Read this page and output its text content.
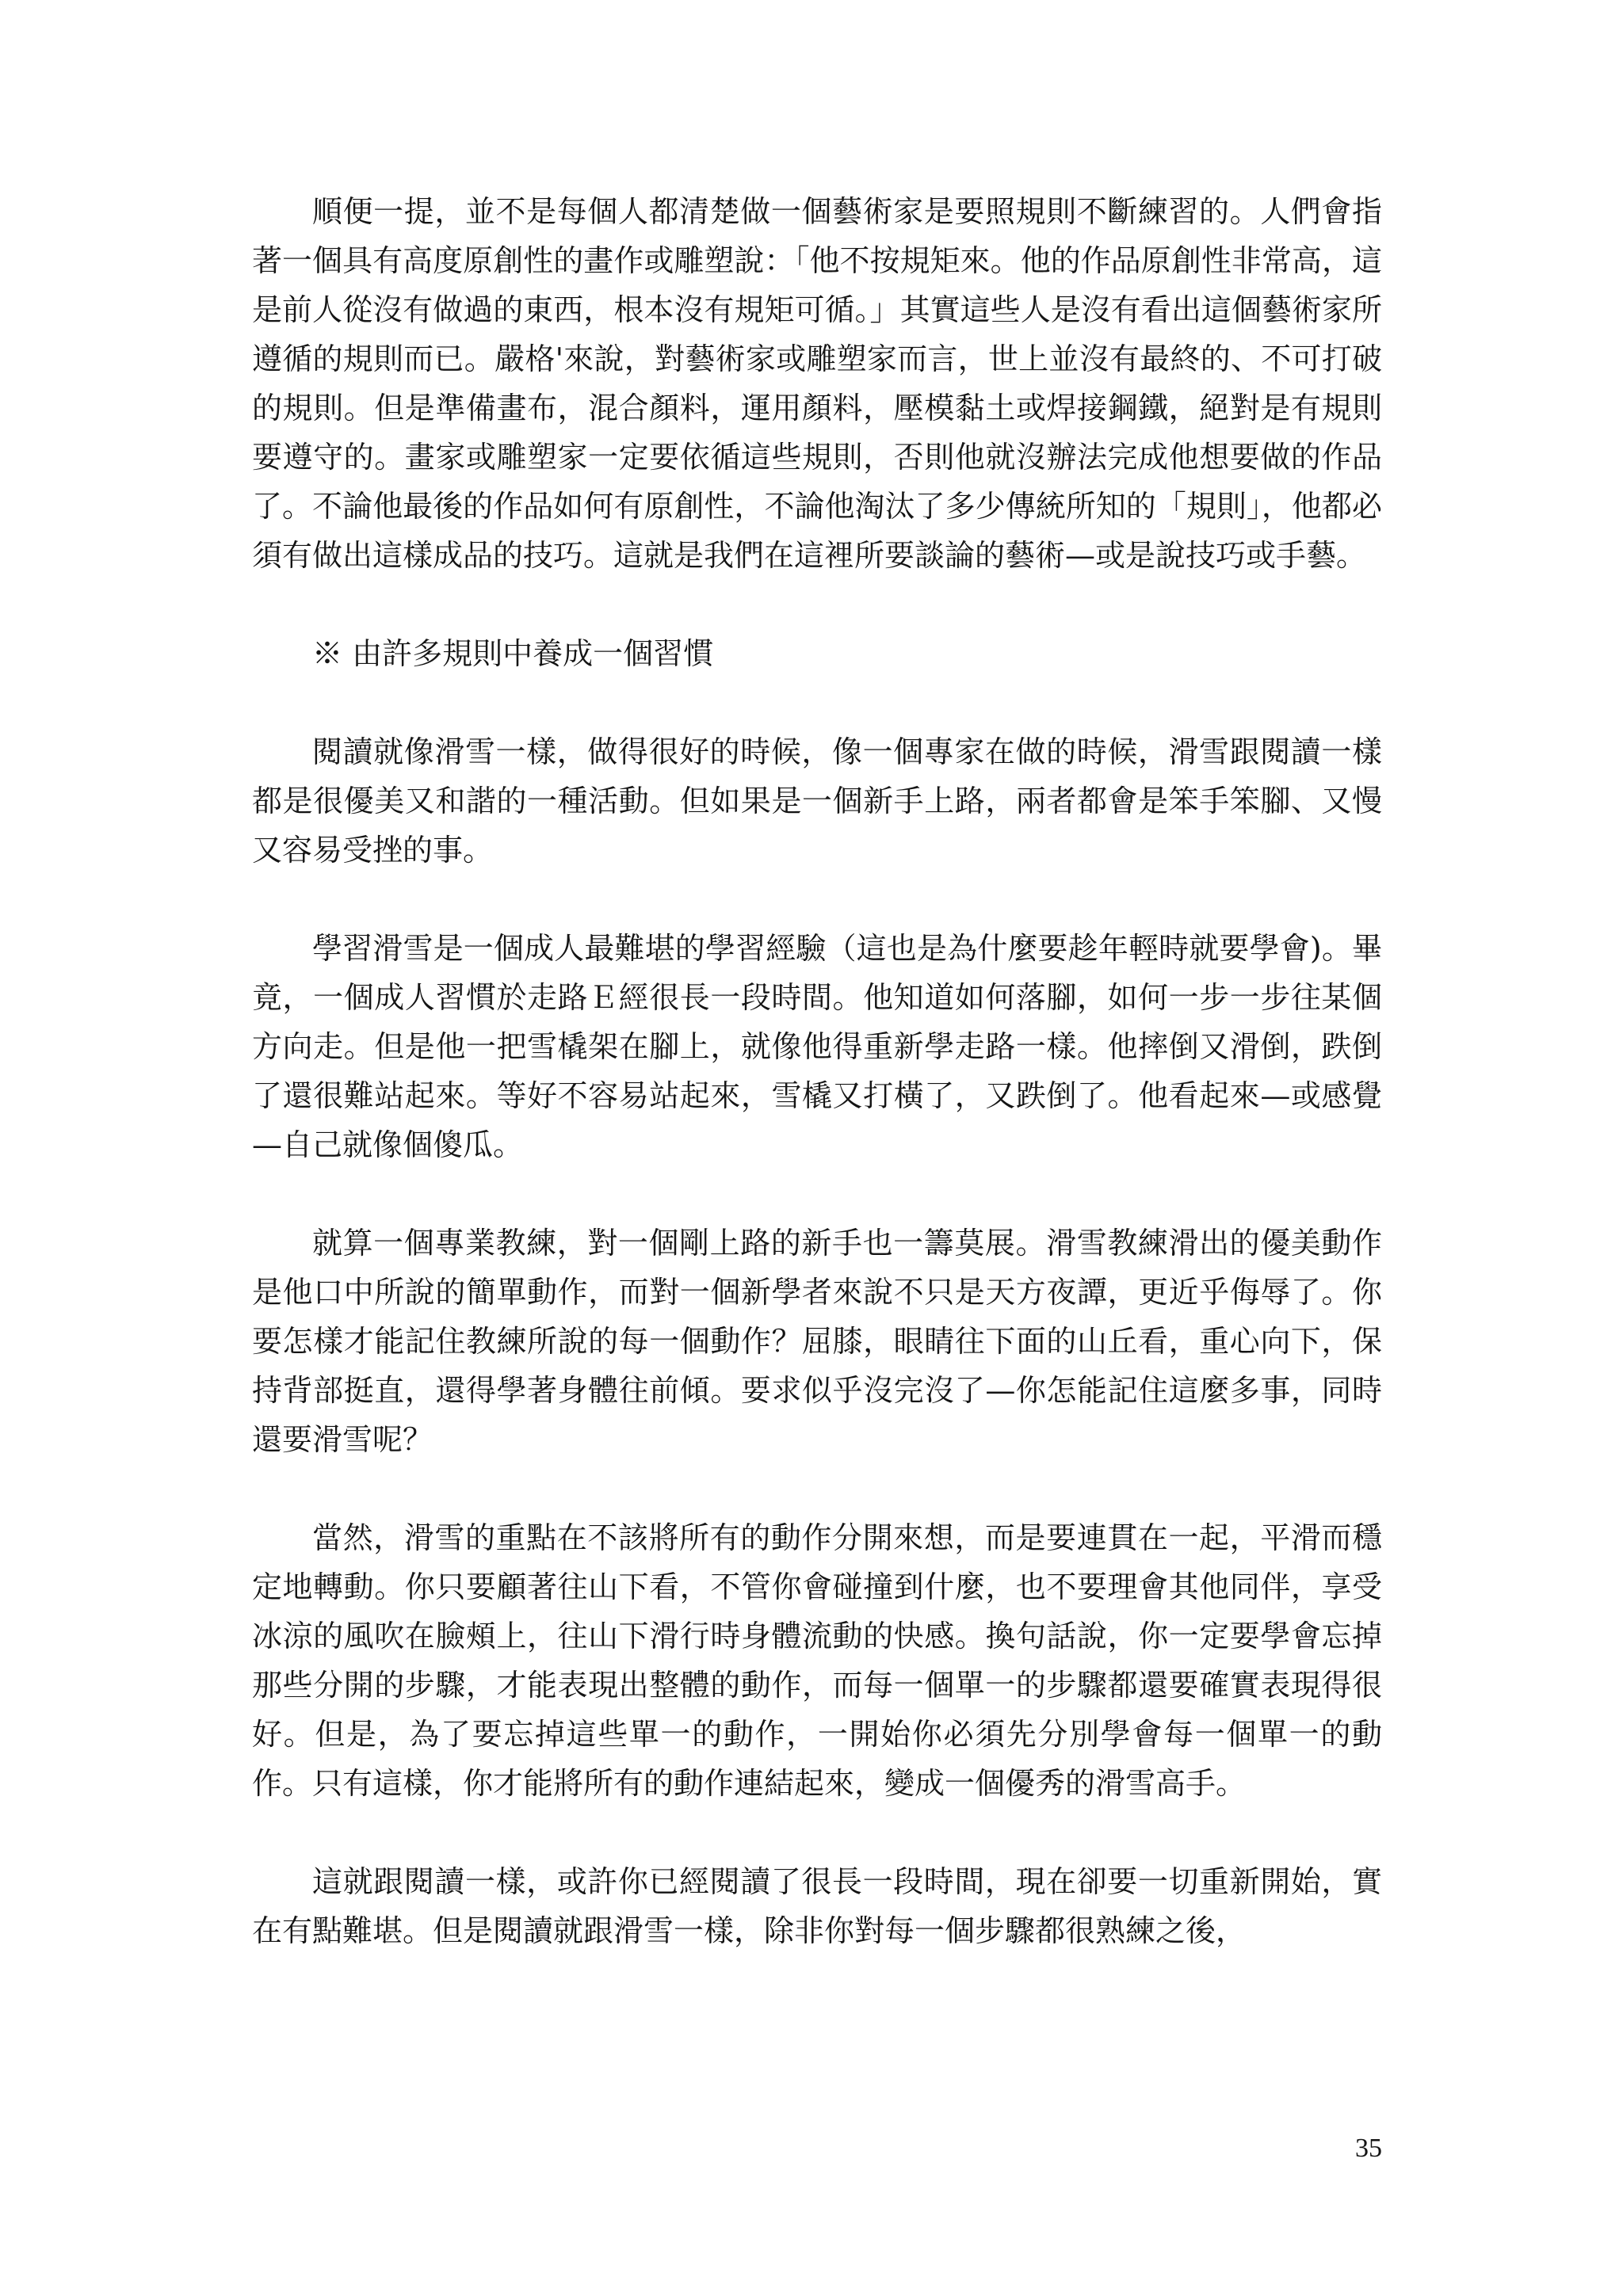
順便一提，並不是每個人都清楚做一個藝術家是要照規則不斷練習的。人們會指著一個具有高度原創性的畫作或雕塑說：「他不按規矩來。他的作品原創性非常高，這是前人從沒有做過的東西，根本沒有規矩可循。」其實這些人是沒有看出這個藝術家所遵循的規則而已。嚴格'來說，對藝術家或雕塑家而言，世上並沒有最終的、不可打破的規則。但是準備畫布，混合顏料，運用顏料，壓模黏土或焊接鋼鐵，絕對是有規則要遵守的。畫家或雕塑家一定要依循這些規則，否則他就沒辦法完成他想要做的作品了。不論他最後的作品如何有原創性，不論他淘汰了多少傳統所知的「規則」，他都必須有做出這樣成品的技巧。這就是我們在這裡所要談論的藝術—或是說技巧或手藝。

※ 由許多規則中養成一個習慣

閱讀就像滑雪一樣，做得很好的時候，像一個專家在做的時候，滑雪跟閱讀一樣都是很優美又和諧的一種活動。但如果是一個新手上路，兩者都會是笨手笨腳、又慢又容易受挫的事。

學習滑雪是一個成人最難堪的學習經驗（這也是為什麼要趁年輕時就要學會)。畢竟，一個成人習慣於走路Ｅ經很長一段時間。他知道如何落腳，如何一步一步往某個方向走。但是他一把雪橇架在腳上，就像他得重新學走路一樣。他摔倒又滑倒，跌倒了還很難站起來。等好不容易站起來，雪橇又打橫了，又跌倒了。他看起來—或感覺—自己就像個傻瓜。

就算一個專業教練，對一個剛上路的新手也一籌莫展。滑雪教練滑出的優美動作是他口中所說的簡單動作，而對一個新學者來說不只是天方夜譚，更近乎侮辱了。你要怎樣才能記住教練所說的每一個動作？屈膝，眼睛往下面的山丘看，重心向下，保持背部挺直，還得學著身體往前傾。要求似乎沒完沒了—你怎能記住這麼多事，同時還要滑雪呢？

當然，滑雪的重點在不該將所有的動作分開來想，而是要連貫在一起，平滑而穩定地轉動。你只要顧著往山下看，不管你會碰撞到什麼，也不要理會其他同伴，享受冰涼的風吹在臉頰上，往山下滑行時身體流動的快感。換句話說，你一定要學會忘掉那些分開的步驟，才能表現出整體的動作，而每一個單一的步驟都還要確實表現得很好。但是，為了要忘掉這些單一的動作，一開始你必須先分別學會每一個單一的動作。只有這樣，你才能將所有的動作連結起來，變成一個優秀的滑雪高手。

這就跟閱讀一樣，或許你已經閱讀了很長一段時間，現在卻要一切重新開始，實在有點難堪。但是閱讀就跟滑雪一樣，除非你對每一個步驟都很熟練之後，

35
